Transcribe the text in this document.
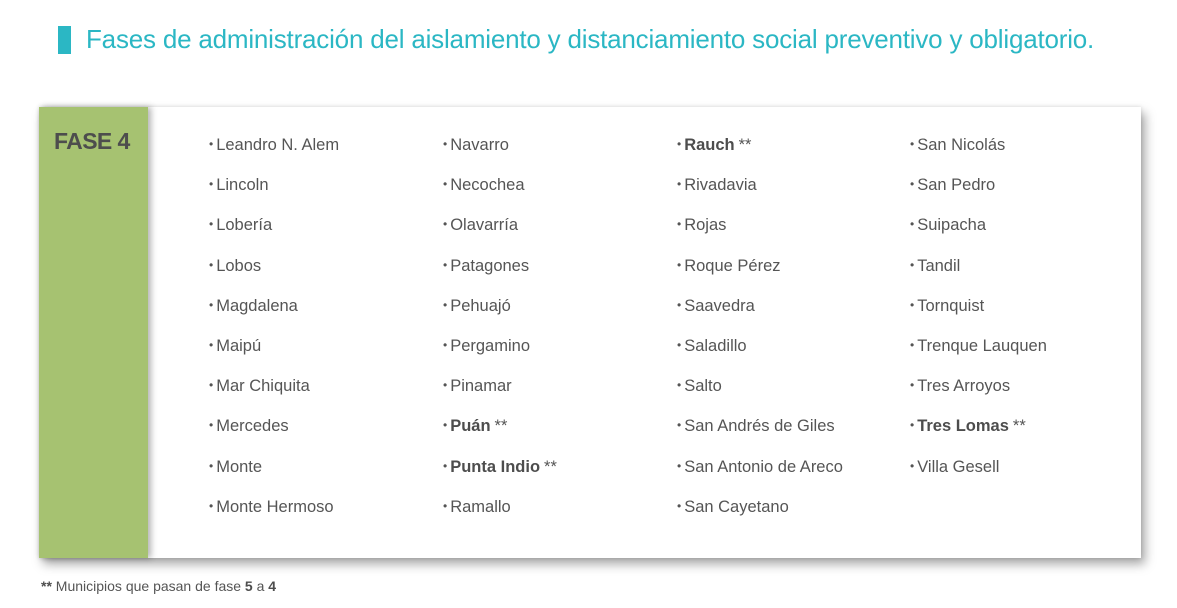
Fases de administración del aislamiento y distanciamiento social preventivo y obligatorio.
FASE 4	• Leandro N. Alem
• Lincoln
• Lobería
• Lobos
• Magdalena
• Maipú
• Mar Chiquita
• Mercedes
• Monte
• Monte Hermoso
• Navarro
• Necochea
• Olavarría
• Patagones
• Pehuajó
• Pergamino
• Pinamar
• Puán **
• Punta Indio **
• Ramallo
• Rauch **
• Rivadavia
• Rojas
• Roque Pérez
• Saavedra
• Saladillo
• Salto
• San Andrés de Giles
• San Antonio de Areco
• San Cayetano
• San Nicolás
• San Pedro
• Suipacha
• Tandil
• Tornquist
• Trenque Lauquen
• Tres Arroyos
• Tres Lomas **
• Villa Gesell
** Municipios que pasan de fase 5 a 4
